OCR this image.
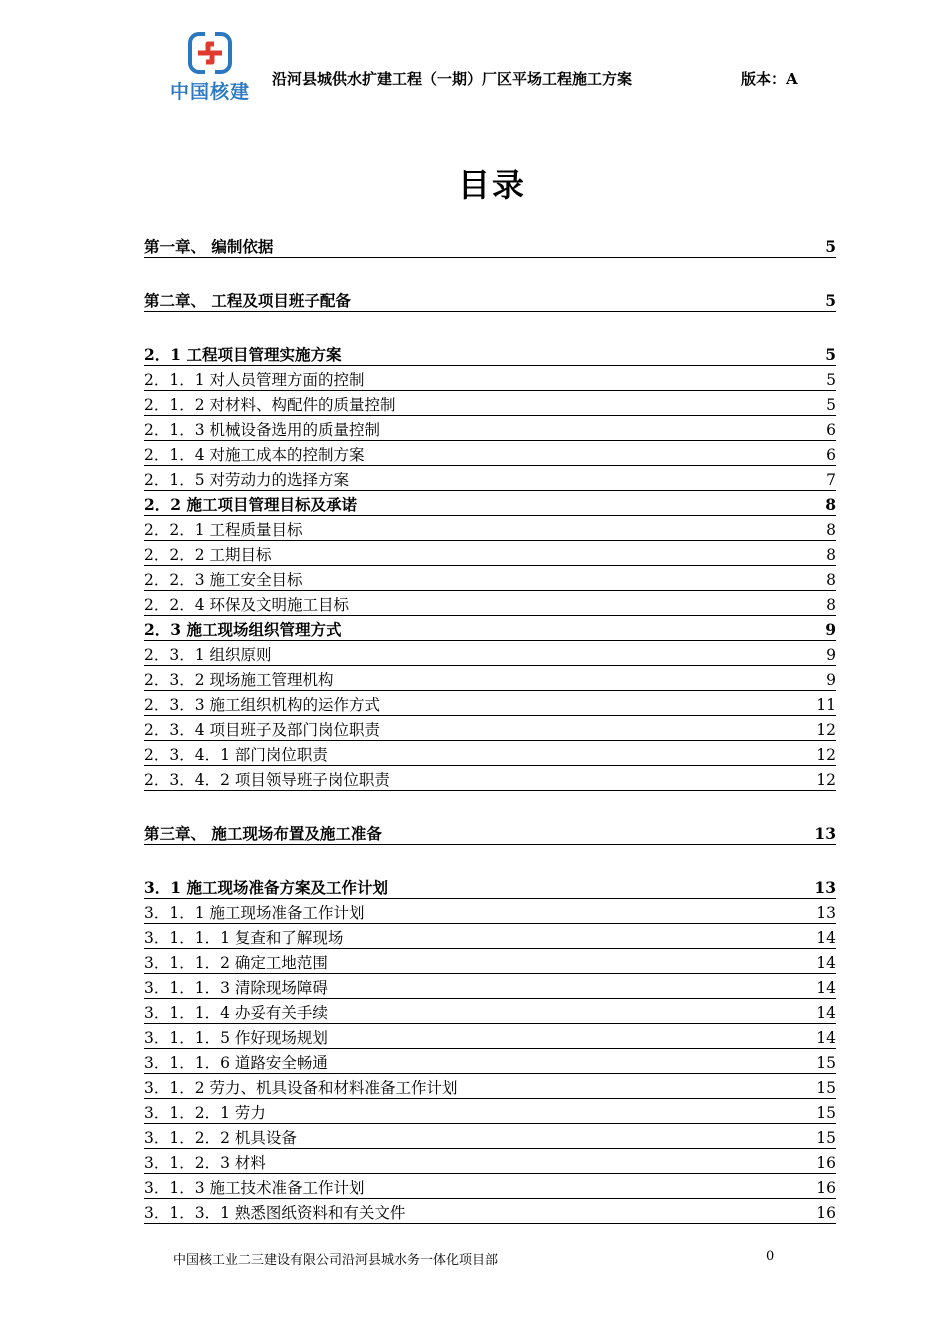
中国核建
沿河县城供水扩建工程（一期）厂区平场工程施工方案	版本：A
目录
第一章、 编制依据	5
第二章、 工程及项目班子配备	5
2．1 工程项目管理实施方案	5
2．1．1 对人员管理方面的控制	5
2．1．2 对材料、构配件的质量控制	5
2．1．3 机械设备选用的质量控制	6
2．1．4 对施工成本的控制方案	6
2．1．5 对劳动力的选择方案	7
2．2 施工项目管理目标及承诺	8
2．2．1 工程质量目标	8
2．2．2 工期目标	8
2．2．3 施工安全目标	8
2．2．4 环保及文明施工目标	8
2．3 施工现场组织管理方式	9
2．3．1 组织原则	9
2．3．2 现场施工管理机构	9
2．3．3 施工组织机构的运作方式	11
2．3．4 项目班子及部门岗位职责	12
2．3．4．1 部门岗位职责	12
2．3．4．2 项目领导班子岗位职责	12
第三章、 施工现场布置及施工准备	13
3．1 施工现场准备方案及工作计划	13
3．1．1 施工现场准备工作计划	13
3．1．1．1 复查和了解现场	14
3．1．1．2 确定工地范围	14
3．1．1．3 清除现场障碍	14
3．1．1．4 办妥有关手续	14
3．1．1．5 作好现场规划	14
3．1．1．6 道路安全畅通	15
3．1．2 劳力、机具设备和材料准备工作计划	15
3．1．2．1 劳力	15
3．1．2．2 机具设备	15
3．1．2．3 材料	16
3．1．3 施工技术准备工作计划	16
3．1．3．1 熟悉图纸资料和有关文件	16
中国核工业二三建设有限公司沿河县城水务一体化项目部	0
